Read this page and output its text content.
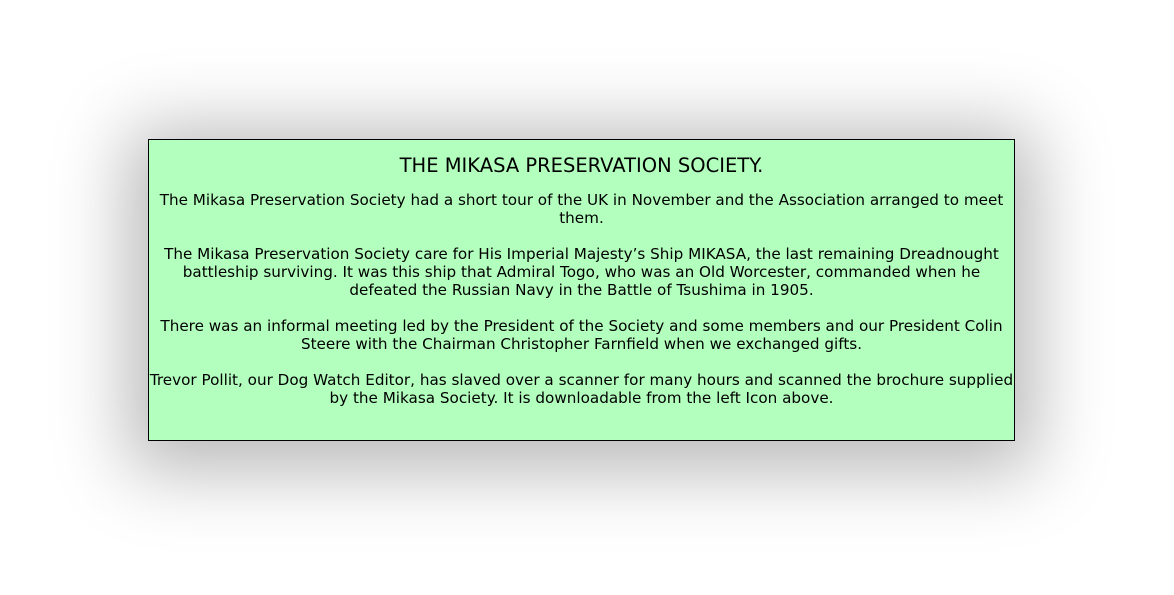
THE MIKASA PRESERVATION SOCIETY.

The Mikasa Preservation Society had a short tour of the UK in November and the Association arranged to meet them.

The Mikasa Preservation Society care for His Imperial Majesty’s Ship MIKASA, the last remaining Dreadnought battleship surviving. It was this ship that Admiral Togo, who was an Old Worcester, commanded when he defeated the Russian Navy in the Battle of Tsushima in 1905.

There was an informal meeting led by the President of the Society and some members and our President Colin Steere with the Chairman Christopher Farnfield when we exchanged gifts.

Trevor Pollit, our Dog Watch Editor, has slaved over a scanner for many hours and scanned the brochure supplied by the Mikasa Society. It is downloadable from the left Icon above.
